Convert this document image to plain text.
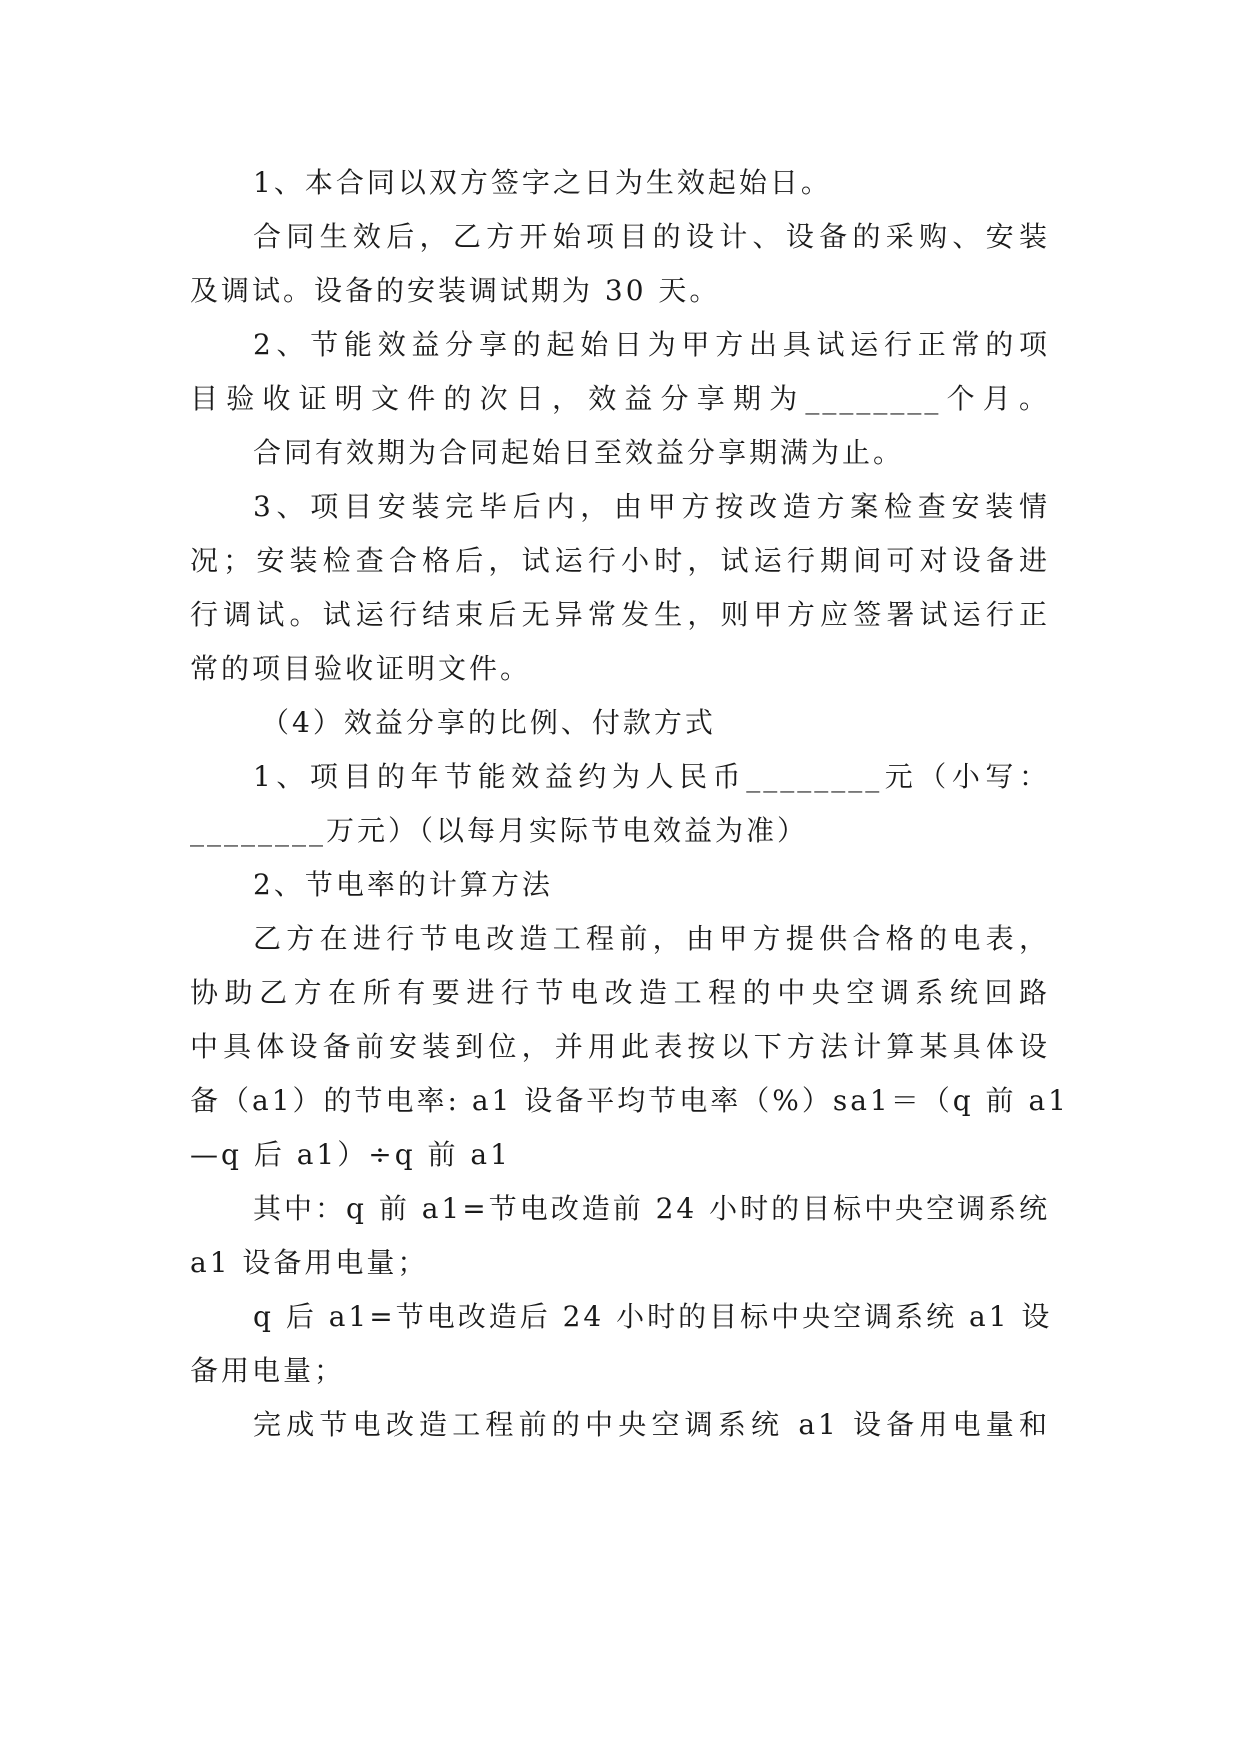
1、本合同以双方签字之日为生效起始日。

合同生效后，乙方开始项目的设计、设备的采购、安装

及调试。设备的安装调试期为 30 天。

2、节能效益分享的起始日为甲方出具试运行正常的项

目验收证明文件的次日，效益分享期为________个月。

合同有效期为合同起始日至效益分享期满为止。

3、项目安装完毕后内，由甲方按改造方案检查安装情

况；安装检查合格后，试运行小时，试运行期间可对设备进

行调试。试运行结束后无异常发生，则甲方应签署试运行正

常的项目验收证明文件。

（4）效益分享的比例、付款方式

1、项目的年节能效益约为人民币________元（小写：

________万元）（以每月实际节电效益为准）

2、节电率的计算方法

乙方在进行节电改造工程前，由甲方提供合格的电表，

协助乙方在所有要进行节电改造工程的中央空调系统回路

中具体设备前安装到位，并用此表按以下方法计算某具体设

备（a1）的节电率: a1 设备平均节电率（%）sa1＝（q 前 a1

—q 后 a1）÷q 前 a1

其中：q 前 a1=节电改造前 24 小时的目标中央空调系统

a1 设备用电量；

q 后 a1=节电改造后 24 小时的目标中央空调系统 a1 设

备用电量；

完成节电改造工程前的中央空调系统 a1 设备用电量和
